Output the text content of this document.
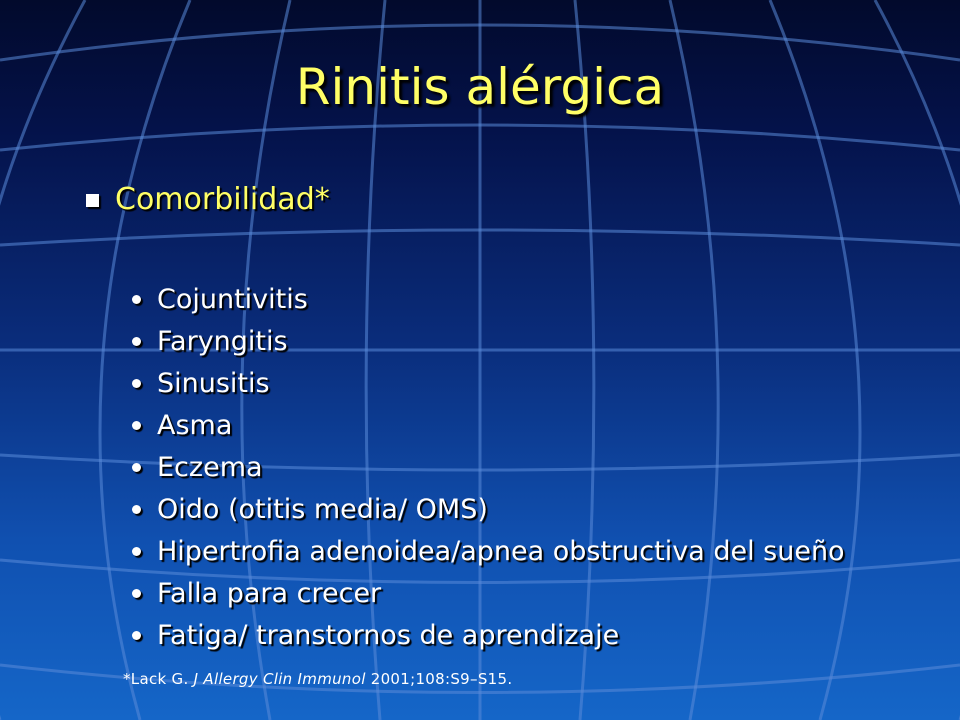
Rinitis alérgica
Comorbilidad*
Cojuntivitis
Faryngitis
Sinusitis
Asma
Eczema
Oido (otitis media/ OMS)
Hipertrofia adenoidea/apnea obstructiva del sueño
Falla para crecer
Fatiga/ transtornos de aprendizaje
*Lack G. J Allergy Clin Immunol 2001;108:S9–S15.
